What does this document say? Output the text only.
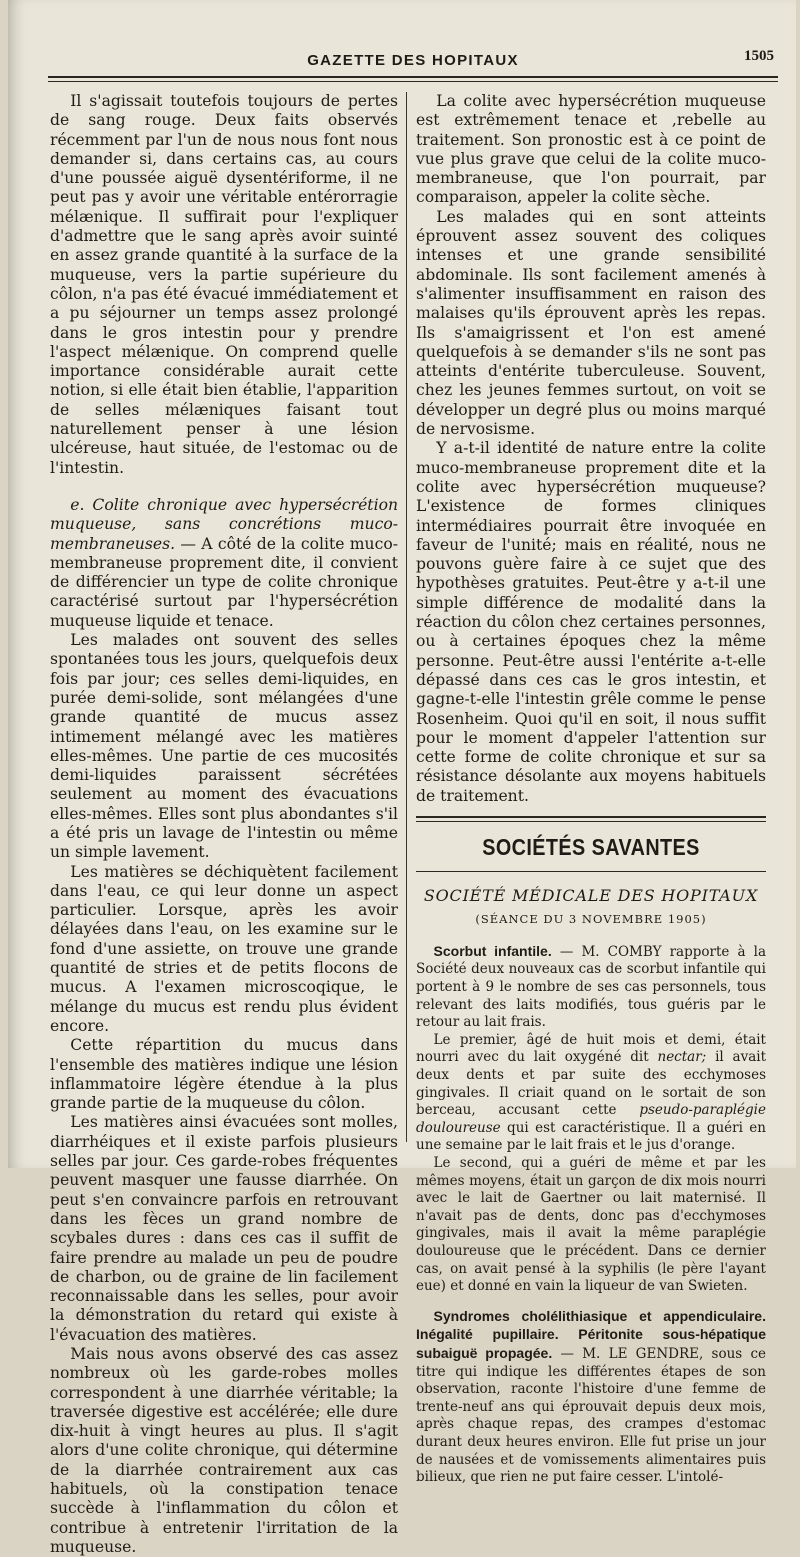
GAZETTE DES HOPITAUX	1505

Il s'agissait toutefois toujours de pertes de sang rouge. Deux faits observés récemment par l'un de nous nous font nous demander si, dans certains cas, au cours d'une poussée aiguë dysentériforme, il ne peut pas y avoir une véritable entérorragie mélænique. Il suffirait pour l'expliquer d'admettre que le sang après avoir suinté en assez grande quantité à la surface de la muqueuse, vers la partie supérieure du côlon, n'a pas été évacué immédiatement et a pu séjourner un temps assez prolongé dans le gros intestin pour y prendre l'aspect mélænique. On comprend quelle importance considérable aurait cette notion, si elle était bien établie, l'apparition de selles mélæniques faisant tout naturellement penser à une lésion ulcéreuse, haut située, de l'estomac ou de l'intestin.

e. Colite chronique avec hypersécrétion muqueuse, sans concrétions muco-membraneuses. — A côté de la colite muco-membraneuse proprement dite, il convient de différencier un type de colite chronique caractérisé surtout par l'hypersécrétion muqueuse liquide et tenace.

Les malades ont souvent des selles spontanées tous les jours, quelquefois deux fois par jour; ces selles demi-liquides, en purée demi-solide, sont mélangées d'une grande quantité de mucus assez intimement mélangé avec les matières elles-mêmes. Une partie de ces mucosités demi-liquides paraissent sécrétées seulement au moment des évacuations elles-mêmes. Elles sont plus abondantes s'il a été pris un lavage de l'intestin ou même un simple lavement.

Les matières se déchiquètent facilement dans l'eau, ce qui leur donne un aspect particulier. Lorsque, après les avoir délayées dans l'eau, on les examine sur le fond d'une assiette, on trouve une grande quantité de stries et de petits flocons de mucus. A l'examen microscoqique, le mélange du mucus est rendu plus évident encore.

Cette répartition du mucus dans l'ensemble des matières indique une lésion inflammatoire légère étendue à la plus grande partie de la muqueuse du côlon.

Les matières ainsi évacuées sont molles, diarrhéiques et il existe parfois plusieurs selles par jour. Ces garde-robes fréquentes peuvent masquer une fausse diarrhée. On peut s'en convaincre parfois en retrouvant dans les fèces un grand nombre de scybales dures : dans ces cas il suffit de faire prendre au malade un peu de poudre de charbon, ou de graine de lin facilement reconnaissable dans les selles, pour avoir la démonstration du retard qui existe à l'évacuation des matières.

Mais nous avons observé des cas assez nombreux où les garde-robes molles correspondent à une diarrhée véritable; la traversée digestive est accélérée; elle dure dix-huit à vingt heures au plus. Il s'agit alors d'une colite chronique, qui détermine de la diarrhée contrairement aux cas habituels, où la constipation tenace succède à l'inflammation du côlon et contribue à entretenir l'irritation de la muqueuse.

La colite avec hypersécrétion muqueuse est extrêmement tenace et ,rebelle au traitement. Son pronostic est à ce point de vue plus grave que celui de la colite muco-membraneuse, que l'on pourrait, par comparaison, appeler la colite sèche.

Les malades qui en sont atteints éprouvent assez souvent des coliques intenses et une grande sensibilité abdominale. Ils sont facilement amenés à s'alimenter insuffisamment en raison des malaises qu'ils éprouvent après les repas. Ils s'amaigrissent et l'on est amené quelquefois à se demander s'ils ne sont pas atteints d'entérite tuberculeuse. Souvent, chez les jeunes femmes surtout, on voit se développer un degré plus ou moins marqué de nervosisme.

Y a-t-il identité de nature entre la colite muco-membraneuse proprement dite et la colite avec hypersécrétion muqueuse? L'existence de formes cliniques intermédiaires pourrait être invoquée en faveur de l'unité; mais en réalité, nous ne pouvons guère faire à ce sujet que des hypothèses gratuites. Peut-être y a-t-il une simple différence de modalité dans la réaction du côlon chez certaines personnes, ou à certaines époques chez la même personne. Peut-être aussi l'entérite a-t-elle dépassé dans ces cas le gros intestin, et gagne-t-elle l'intestin grêle comme le pense Rosenheim. Quoi qu'il en soit, il nous suffit pour le moment d'appeler l'attention sur cette forme de colite chronique et sur sa résistance désolante aux moyens habituels de traitement.

SOCIÉTÉS SAVANTES
SOCIÉTÉ MÉDICALE DES HOPITAUX
(SÉANCE DU 3 NOVEMBRE 1905)

Scorbut infantile. — M. COMBY rapporte à la Société deux nouveaux cas de scorbut infantile qui portent à 9 le nombre de ses cas personnels, tous relevant des laits modifiés, tous guéris par le retour au lait frais.

Le premier, âgé de huit mois et demi, était nourri avec du lait oxygéné dit nectar; il avait deux dents et par suite des ecchymoses gingivales. Il criait quand on le sortait de son berceau, accusant cette pseudo-paraplégie douloureuse qui est caractéristique. Il a guéri en une semaine par le lait frais et le jus d'orange.

Le second, qui a guéri de même et par les mêmes moyens, était un garçon de dix mois nourri avec le lait de Gaertner ou lait maternisé. Il n'avait pas de dents, donc pas d'ecchymoses gingivales, mais il avait la même paraplégie douloureuse que le précédent. Dans ce dernier cas, on avait pensé à la syphilis (le père l'ayant eue) et donné en vain la liqueur de van Swieten.

Syndromes cholélithiasique et appendiculaire. Inégalité pupillaire. Péritonite sous-hépatique subaiguë propagée. — M. LE GENDRE, sous ce titre qui indique les différentes étapes de son observation, raconte l'histoire d'une femme de trente-neuf ans qui éprouvait depuis deux mois, après chaque repas, des crampes d'estomac durant deux heures environ. Elle fut prise un jour de nausées et de vomissements alimentaires puis bilieux, que rien ne put faire cesser. L'intolé-
